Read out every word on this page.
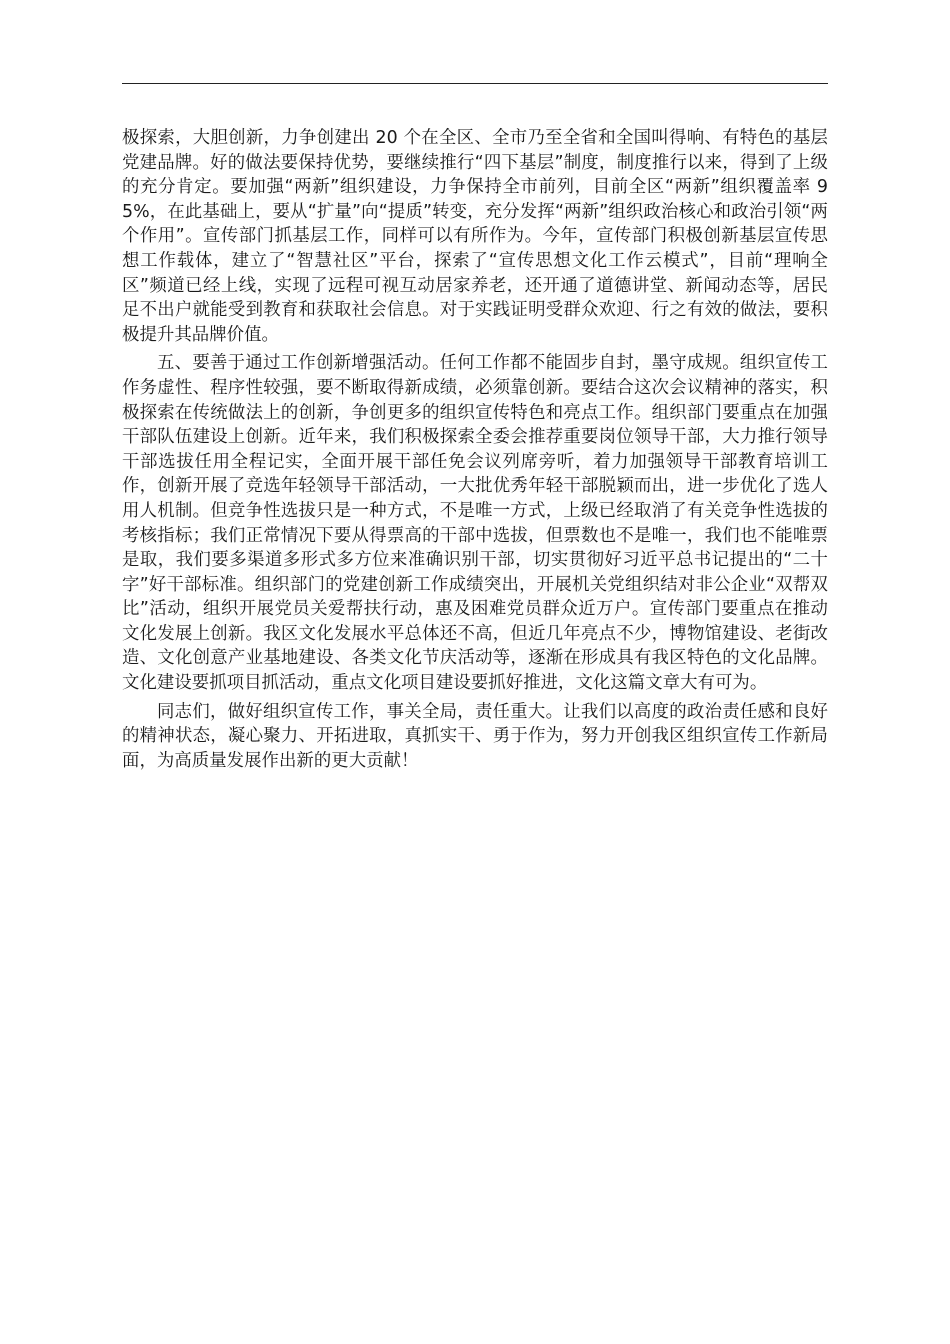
极探索，大胆创新，力争创建出 20 个在全区、全市乃至全省和全国叫得响、有特色的基层党建品牌。好的做法要保持优势，要继续推行“四下基层”制度，制度推行以来，得到了上级的充分肯定。要加强“两新”组织建设，力争保持全市前列，目前全区“两新”组织覆盖率 95%，在此基础上，要从“扩量”向“提质”转变，充分发挥“两新”组织政治核心和政治引领“两个作用”。宣传部门抓基层工作，同样可以有所作为。今年，宣传部门积极创新基层宣传思想工作载体，建立了“智慧社区”平台，探索了“宣传思想文化工作云模式”，目前“理响全区”频道已经上线，实现了远程可视互动居家养老，还开通了道德讲堂、新闻动态等，居民足不出户就能受到教育和获取社会信息。对于实践证明受群众欢迎、行之有效的做法，要积极提升其品牌价值。

五、要善于通过工作创新增强活动。任何工作都不能固步自封，墨守成规。组织宣传工作务虚性、程序性较强，要不断取得新成绩，必须靠创新。要结合这次会议精神的落实，积极探索在传统做法上的创新，争创更多的组织宣传特色和亮点工作。组织部门要重点在加强干部队伍建设上创新。近年来，我们积极探索全委会推荐重要岗位领导干部，大力推行领导干部选拔任用全程记实，全面开展干部任免会议列席旁听，着力加强领导干部教育培训工作，创新开展了竞选年轻领导干部活动，一大批优秀年轻干部脱颖而出，进一步优化了选人用人机制。但竞争性选拔只是一种方式，不是唯一方式，上级已经取消了有关竞争性选拔的考核指标；我们正常情况下要从得票高的干部中选拔，但票数也不是唯一，我们也不能唯票是取，我们要多渠道多形式多方位来准确识别干部，切实贯彻好习近平总书记提出的“二十字”好干部标准。组织部门的党建创新工作成绩突出，开展机关党组织结对非公企业“双帮双比”活动，组织开展党员关爱帮扶行动，惠及困难党员群众近万户。宣传部门要重点在推动文化发展上创新。我区文化发展水平总体还不高，但近几年亮点不少，博物馆建设、老街改造、文化创意产业基地建设、各类文化节庆活动等，逐渐在形成具有我区特色的文化品牌。文化建设要抓项目抓活动，重点文化项目建设要抓好推进，文化这篇文章大有可为。

同志们，做好组织宣传工作，事关全局，责任重大。让我们以高度的政治责任感和良好的精神状态，凝心聚力、开拓进取，真抓实干、勇于作为，努力开创我区组织宣传工作新局面，为高质量发展作出新的更大贡献！
